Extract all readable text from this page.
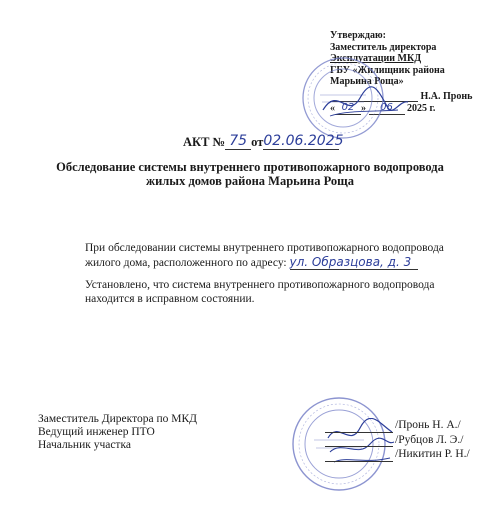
Утверждаю:
Заместитель директора
Эксплуатации МКД
ГБУ «Жилищник района
Марьина Роща»
Н.А. Пронь
« 02 » 06 2025 г.
АКТ № 75 от02.06.2025
Обследование системы внутреннего противопожарного водопровода
жилых домов района Марьина Роща
При обследовании системы внутреннего противопожарного водопровода жилого дома, расположенного по адресу: ул. Образцова, д. 3
Установлено, что система внутреннего противопожарного водопровода находится в исправном состоянии.
Заместитель Директора по МКД
Ведущий инженер ПТО
Начальник участка
/Пронь Н. А./
/Рубцов Л. Э./
/Никитин Р. Н./
